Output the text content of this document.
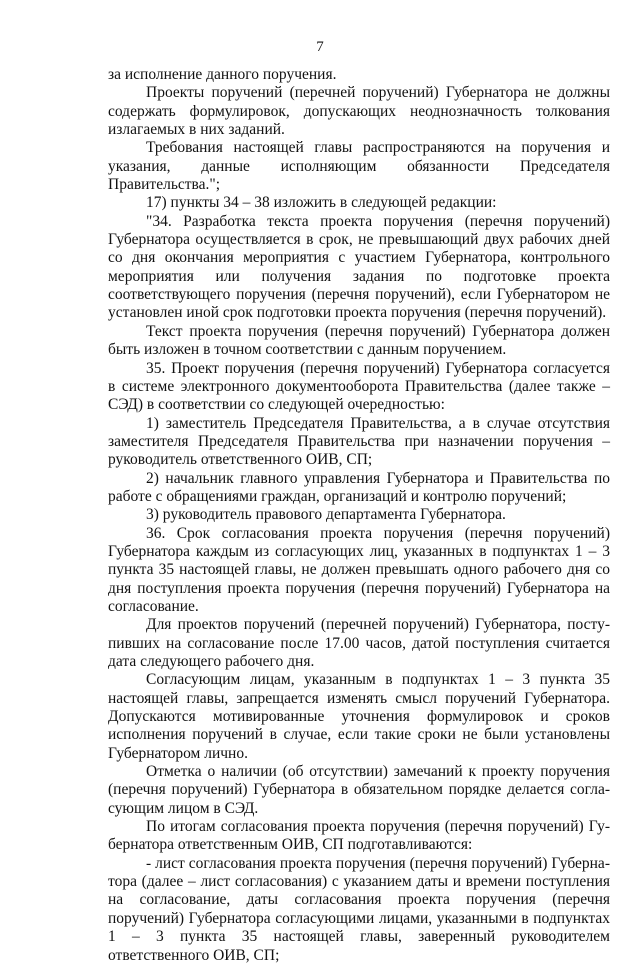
7

за исполнение данного поручения.

Проекты поручений (перечней поручений) Губернатора не должны содержать формулировок, допускающих неоднозначность толкования излагаемых в них заданий.

Требования настоящей главы распространяются на поручения и указания, данные исполняющим обязанности Председателя Правительства.";

17) пункты 34 – 38 изложить в следующей редакции:

"34. Разработка текста проекта поручения (перечня поручений) Губернатора осуществляется в срок, не превышающий двух рабочих дней со дня окончания мероприятия с участием Губернатора, контрольного мероприятия или получения задания по подготовке проекта соответствующего поручения (перечня поручений), если Губернатором не установлен иной срок подготовки проекта поручения (перечня поручений).

Текст проекта поручения (перечня поручений) Губернатора должен быть изложен в точном соответствии с данным поручением.

35. Проект поручения (перечня поручений) Губернатора согласуется в системе электронного документооборота Правительства (далее также – СЭД) в соответствии со следующей очередностью:

1) заместитель Председателя Правительства, а в случае отсутствия заместителя Председателя Правительства при назначении поручения – руководитель ответственного ОИВ, СП;

2) начальник главного управления Губернатора и Правительства по работе с обращениями граждан, организаций и контролю поручений;

3) руководитель правового департамента Губернатора.

36. Срок согласования проекта поручения (перечня поручений) Губернатора каждым из согласующих лиц, указанных в подпунктах 1 – 3 пункта 35 настоящей главы, не должен превышать одного рабочего дня со дня поступления проекта поручения (перечня поручений) Губернатора на согласование.

Для проектов поручений (перечней поручений) Губернатора, поступивших на согласование после 17.00 часов, датой поступления считается дата следующего рабочего дня.

Согласующим лицам, указанным в подпунктах 1 – 3 пункта 35 настоящей главы, запрещается изменять смысл поручений Губернатора. Допускаются мотивированные уточнения формулировок и сроков исполнения поручений в случае, если такие сроки не были установлены Губернатором лично.

Отметка о наличии (об отсутствии) замечаний к проекту поручения (перечня поручений) Губернатора в обязательном порядке делается согласующим лицом в СЭД.

По итогам согласования проекта поручения (перечня поручений) Губернатора ответственным ОИВ, СП подготавливаются:

- лист согласования проекта поручения (перечня поручений) Губернатора (далее – лист согласования) с указанием даты и времени поступления на согласование, даты согласования проекта поручения (перечня поручений) Губернатора согласующими лицами, указанными в подпунктах 1 – 3 пункта 35 настоящей главы, заверенный руководителем ответственного ОИВ, СП;
